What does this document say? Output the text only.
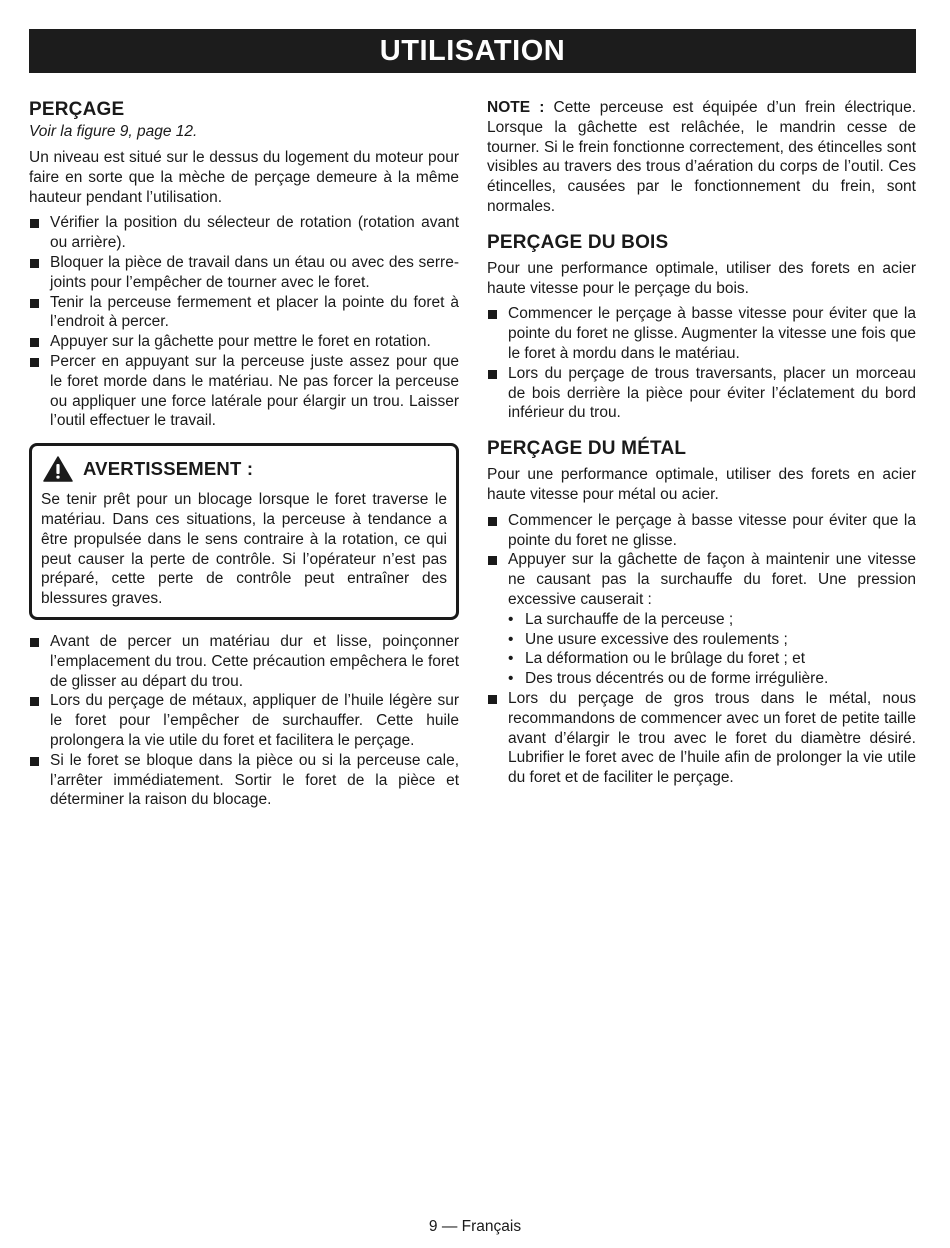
UTILISATION
PERÇAGE
Voir la figure 9, page 12.

Un niveau est situé sur le dessus du logement du moteur pour faire en sorte que la mèche de perçage demeure à la même hauteur pendant l’utilisation.

Vérifier la position du sélecteur de rotation (rotation avant ou arrière).
Bloquer la pièce de travail dans un étau ou avec des serre-joints pour l’empêcher de tourner avec le foret.
Tenir la perceuse fermement et placer la pointe du foret à l’endroit à percer.
Appuyer sur la gâchette pour mettre le foret en rotation.
Percer en appuyant sur la perceuse juste assez pour que le foret morde dans le matériau. Ne pas forcer la perceuse ou appliquer une force latérale pour élargir un trou. Laisser l’outil effectuer le travail.
AVERTISSEMENT :

Se tenir prêt pour un blocage lorsque le foret traverse le matériau. Dans ces situations, la perceuse à tendance a être propulsée dans le sens contraire à la rotation, ce qui peut causer la perte de contrôle. Si l’opérateur n’est pas préparé, cette perte de contrôle peut entraîner des blessures graves.

Avant de percer un matériau dur et lisse, poinçonner l’emplacement du trou. Cette précaution empêchera le foret de glisser au départ du trou.
Lors du perçage de métaux, appliquer de l’huile légère sur le foret pour l’empêcher de surchauffer. Cette huile prolongera la vie utile du foret et facilitera le perçage.
Si le foret se bloque dans la pièce ou si la perceuse cale, l’arrêter immédiatement. Sortir le foret de la pièce et déterminer la raison du blocage.

NOTE : Cette perceuse est équipée d’un frein électrique. Lorsque la gâchette est relâchée, le mandrin cesse de tourner. Si le frein fonctionne correctement, des étincelles sont visibles au travers des trous d’aération du corps de l’outil. Ces étincelles, causées par le fonctionnement du frein, sont normales.

PERÇAGE DU BOIS

Pour une performance optimale, utiliser des forets en acier haute vitesse pour le perçage du bois.

Commencer le perçage à basse vitesse pour éviter que la pointe du foret ne glisse. Augmenter la vitesse une fois que le foret à mordu dans le matériau.
Lors du perçage de trous traversants, placer un morceau de bois derrière la pièce pour éviter l’éclatement du bord inférieur du trou.
PERÇAGE DU MÉTAL

Pour une performance optimale, utiliser des forets en acier haute vitesse pour métal ou acier.

Commencer le perçage à basse vitesse pour éviter que la pointe du foret ne glisse.
Appuyer sur la gâchette de façon à maintenir une vitesse ne causant pas la surchauffe du foret. Une pression excessive causerait :
• La surchauffe de la perceuse ;
• Une usure excessive des roulements ;
• La déformation ou le brûlage du foret ; et
• Des trous décentrés ou de forme irrégulière.
Lors du perçage de gros trous dans le métal, nous recommandons de commencer avec un foret de petite taille avant d’élargir le trou avec le foret du diamètre désiré. Lubrifier le foret avec de l’huile afin de prolonger la vie utile du foret et de faciliter le perçage.
9 — Français
